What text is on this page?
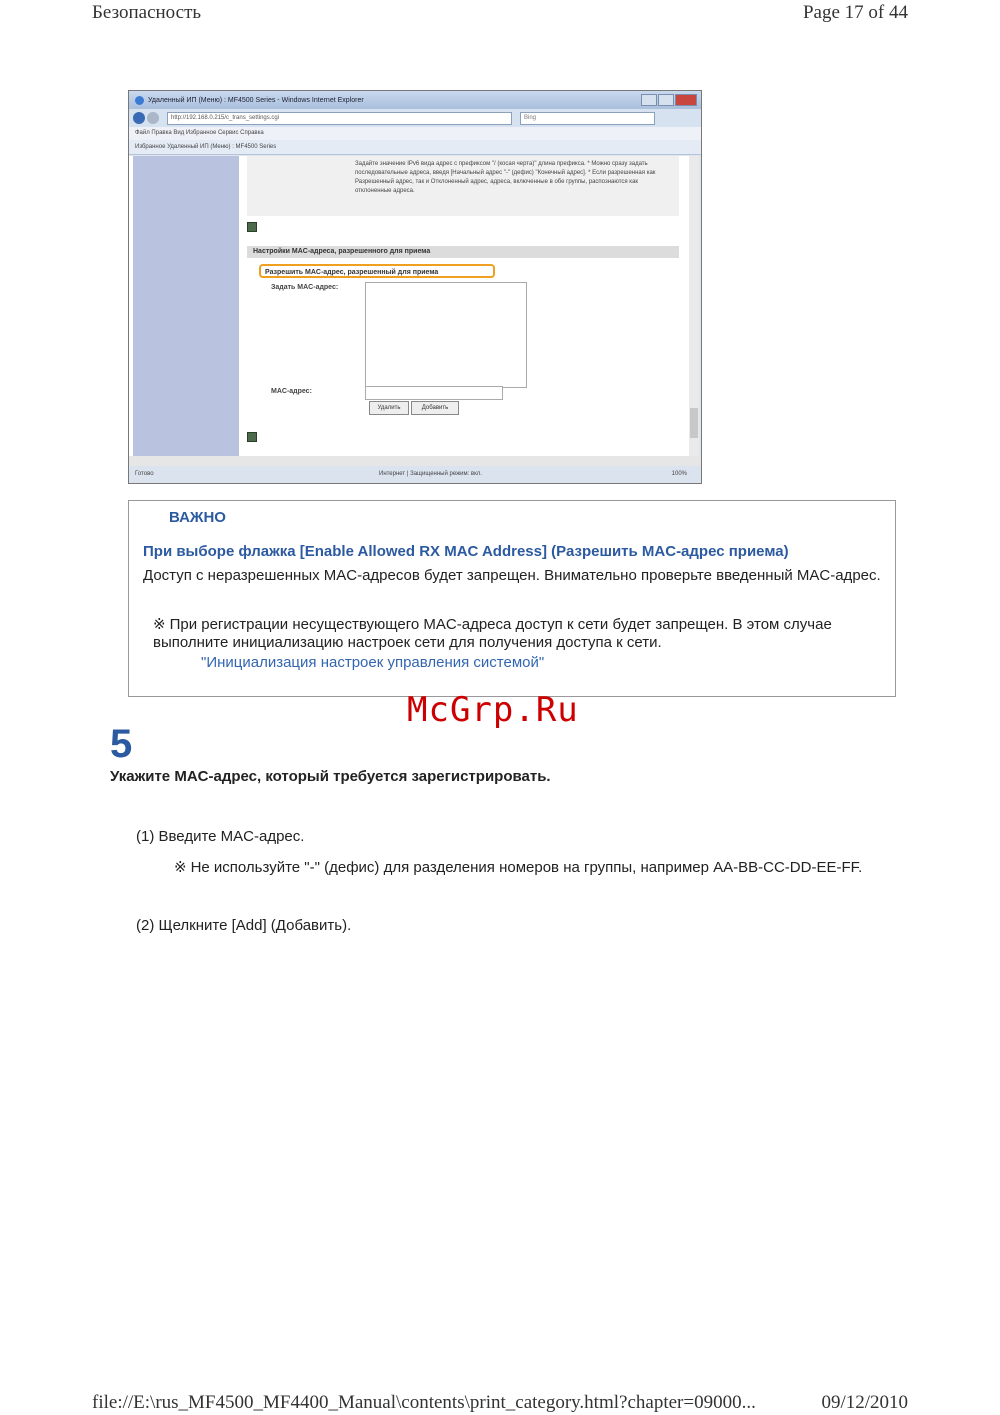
Безопасность	Page 17 of 44
Удаленный ИП (Меню) : MF4500 Series - Windows Internet Explorer
http://192.168.0.215/c_trans_settings.cgi	Bing
Файл Правка Вид Избранное Сервис Справка
Избранное Удаленный ИП (Меню) : MF4500 Series
Задайте значение IPv6 вида адрес с префиксом "/ (косая черта)" длина префикса. * Можно сразу задать последовательные адреса, введя [Начальный адрес "-" (дефис) "Конечный адрес]. * Если разрешенная как Разрешенный адрес, так и Отклоненный адрес, адреса, включенные в обе группы, распознаются как отклоненные адреса.
Настройки MAC-адреса, разрешенного для приема
Разрешить MAC-адрес, разрешенный для приема
Задать MAC-адрес:
MAC-адрес:
Удалить	Добавить
Готово	Интернет | Защищенный режим: вкл.	100%
ВАЖНО
При выборе флажка [Enable Allowed RX MAC Address] (Разрешить MAC-адрес приема)
Доступ с неразрешенных MAC-адресов будет запрещен. Внимательно проверьте введенный MAC-адрес.
※ При регистрации несуществующего MAC-адреса доступ к сети будет запрещен. В этом случае выполните инициализацию настроек сети для получения доступа к сети.
"Инициализация настроек управления системой"
McGrp.Ru
5
Укажите MAC-адрес, который требуется зарегистрировать.
(1) Введите MAC-адрес.
※ Не используйте "-" (дефис) для разделения номеров на группы, например AA-BB-CC-DD-EE-FF.
(2) Щелкните [Add] (Добавить).
file://E:\rus_MF4500_MF4400_Manual\contents\print_category.html?chapter=09000...	09/12/2010
